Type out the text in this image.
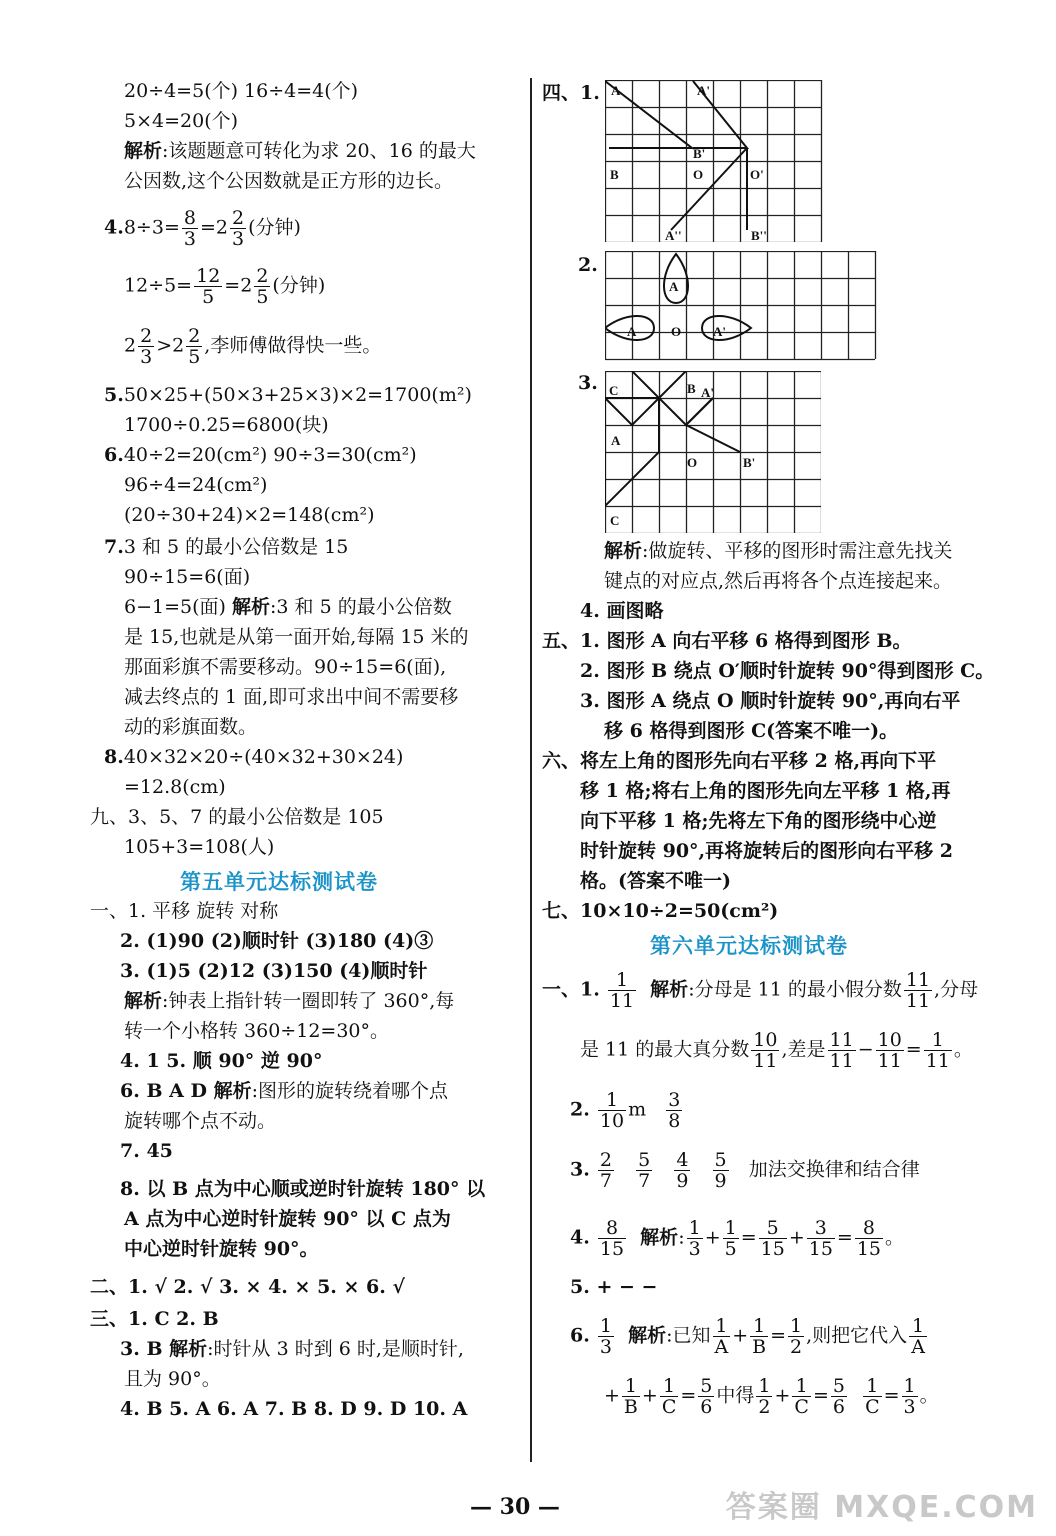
20÷4=5(个) 16÷4=4(个)
5×4=20(个)
解析:该题题意可转化为求 20、16 的最大
公因数,这个公因数就是正方形的边长。
$4.8\div 3= \frac{8}{3} =2 \frac{2}{3}$ (分钟)
$12\div 5= \frac{12}{5} =2 \frac{2}{5}$ (分钟)
$2 \frac{2}{3} >2 \frac{2}{5}$ ,李师傅做得快一些。
5.50×25+(50×3+25×3)×2=1700(m²)
1700÷0.25=6800(块)
6.40÷2=20(cm²) 90÷3=30(cm²)
96÷4=24(cm²)
(20÷30+24)×2=148(cm²)
7.3 和 5 的最小公倍数是 15
90÷15=6(面)
6−1=5(面) 解析:3 和 5 的最小公倍数
是 15,也就是从第一面开始,每隔 15 米的
那面彩旗不需要移动。90÷15=6(面),
减去终点的 1 面,即可求出中间不需要移
动的彩旗面数。
8.40×32×20÷(40×32+30×24)
=12.8(cm)
九、3、5、7 的最小公倍数是 105
105+3=108(人)
第五单元达标测试卷
一、1. 平移 旋转 对称
2. (1)90 (2)顺时针 (3)180 (4)③
3. (1)5 (2)12 (3)150 (4)顺时针
解析:钟表上指针转一圈即转了 360°,每
转一个小格转 360÷12=30°。
4. 1 5. 顺 90° 逆 90°
6. B A D 解析:图形的旋转绕着哪个点
旋转哪个点不动。
7. 45
8. 以 B 点为中心顺或逆时针旋转 180° 以
A 点为中心逆时针旋转 90° 以 C 点为
中心逆时针旋转 90°。
二、1. √ 2. √ 3. × 4. × 5. × 6. √
三、1. C 2. B
3. B 解析:时针从 3 时到 6 时,是顺时针,
且为 90°。
4. B 5. A 6. A 7. B 8. D 9. D 10. A
四、1. A	A'
B'
B	O	O'
A''	B''
2.
A
A	O A'
3. C	B A'
A
O	B'
C
解析:做旋转、平移的图形时需注意先找关
键点的对应点,然后再将各个点连接起来。
4. 画图略
五、1. 图形 A 向右平移 6 格得到图形 B。
2. 图形 B 绕点 O′顺时针旋转 90°得到图形 C。
3. 图形 A 绕点 O 顺时针旋转 90°,再向右平
移 6 格得到图形 C(答案不唯一)。
六、将左上角的图形先向右平移 2 格,再向下平
移 1 格;将右上角的图形先向左平移 1 格,再
向下平移 1 格;先将左下角的图形绕中心逆
时针旋转 90°,再将旋转后的图形向右平移 2
格。(答案不唯一)
七、10×10÷2=50(cm²)
第六单元达标测试卷
一、1. $\frac{1}{11}$ 解析:分母是 11 的最小假分数 $\frac{11}{11}$ ,分母
是 11 的最大真分数 $\frac{10}{11}$ ,差是 $\frac{11}{11} - \frac{10}{11} = \frac{1}{11}$ 。
2. $\frac{1}{10}$ m $\frac{3}{8}$
3. $\frac{2}{7}$
$\frac{5}{7}$
$\frac{4}{9}$
$\frac{5}{9}$ 加法交换律和结合律
4. $\frac{8}{15}$ 解析: $\frac{1}{3} + \frac{1}{5} = \frac{5}{15} + \frac{3}{15} = \frac{8}{15}$ 。
5. + − −
6. $\frac{1}{3}$ 解析:已知 $\frac{1}{A} + \frac{1}{B} = \frac{1}{2}$ ,则把它代入 $\frac{1}{A}$
+ $\frac{1}{B} + \frac{1}{C} = \frac{5}{6}$ 中得 $\frac{1}{2} + \frac{1}{C} = \frac{5}{6}$
$\frac{1}{C} = \frac{1}{3}$ 。
— 30 —	答案圈 MXQE.COM
